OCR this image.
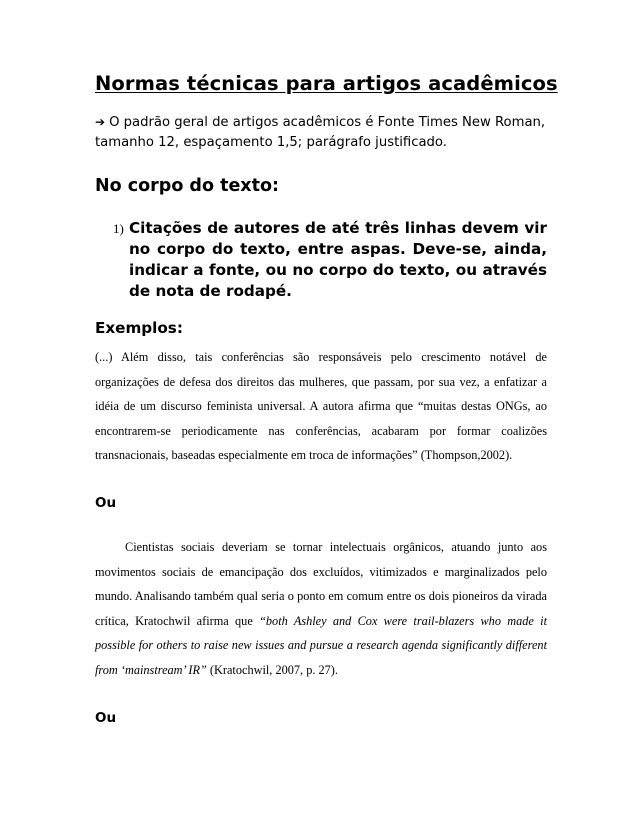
Normas técnicas para artigos acadêmicos
➔ O padrão geral de artigos acadêmicos é Fonte Times New Roman, tamanho 12, espaçamento 1,5; parágrafo justificado.
No corpo do texto:
1) Citações de autores de até três linhas devem vir no corpo do texto, entre aspas. Deve-se, ainda, indicar a fonte, ou no corpo do texto, ou através de nota de rodapé.
Exemplos:
(...) Além disso, tais conferências são responsáveis pelo crescimento notável de organizações de defesa dos direitos das mulheres, que passam, por sua vez, a enfatizar a idéia de um discurso feminista universal. A autora afirma que “muitas destas ONGs, ao encontrarem-se periodicamente nas conferências, acabaram por formar coalizões transnacionais, baseadas especialmente em troca de informações” (Thompson,2002).
Ou
Cientistas sociais deveriam se tornar intelectuais orgânicos, atuando junto aos movimentos sociais de emancipação dos excluídos, vitimizados e marginalizados pelo mundo. Analisando também qual seria o ponto em comum entre os dois pioneiros da virada crítica, Kratochwil afirma que “both Ashley and Cox were trail-blazers who made it possible for others to raise new issues and pursue a research agenda significantly different from ‘mainstream’ IR” (Kratochwil, 2007, p. 27).
Ou
